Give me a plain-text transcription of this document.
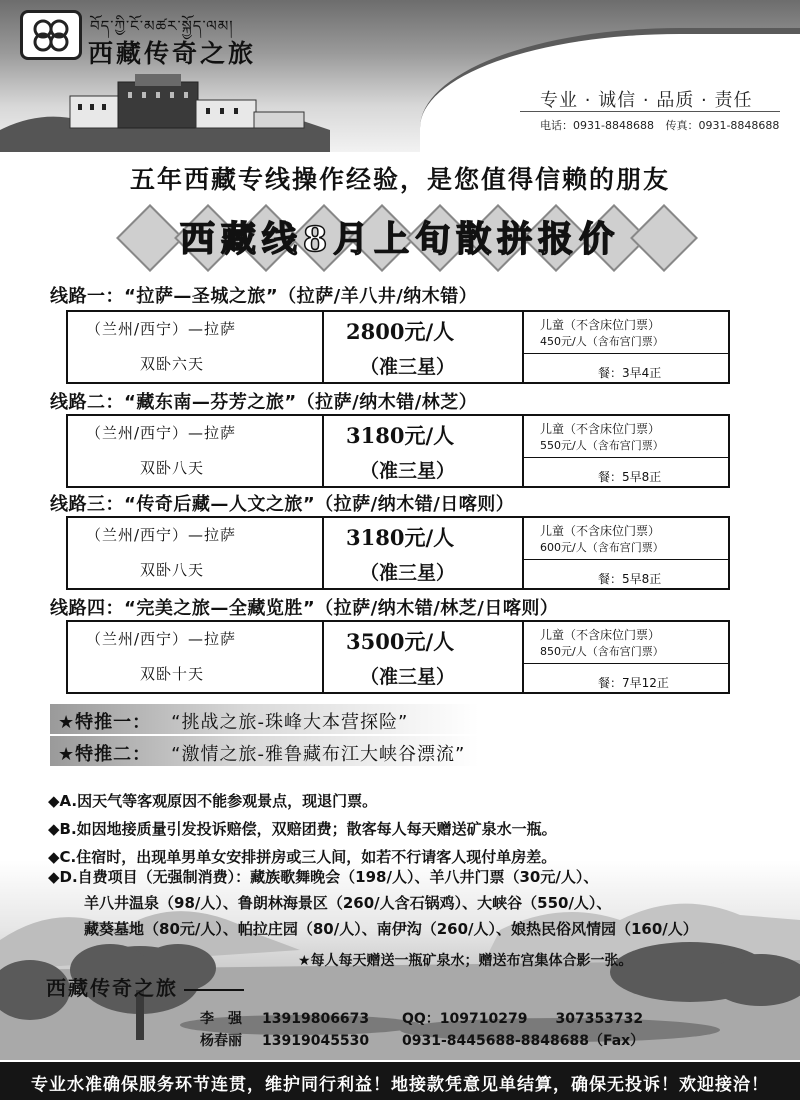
བོད་ཀྱི་ངོ་མཚར་སྐྱོད་ལམ།
西藏传奇之旅
专业 · 诚信 · 品质 · 责任
电话：0931-8848688 传真：0931-8848688
五年西藏专线操作经验，是您值得信赖的朋友
西藏线8月上旬散拼报价
线路一：“拉萨—圣城之旅”（拉萨/羊八井/纳木错）
（兰州/西宁）—拉萨
双卧六天
2800元/人
（准三星）
儿童（不含床位门票）
450元/人（含布宫门票）
餐：3早4正
线路二：“藏东南—芬芳之旅”（拉萨/纳木错/林芝）
（兰州/西宁）—拉萨
双卧八天
3180元/人
（准三星）
儿童（不含床位门票）
550元/人（含布宫门票）
餐：5早8正
线路三：“传奇后藏—人文之旅”（拉萨/纳木错/日喀则）
（兰州/西宁）—拉萨
双卧八天
3180元/人
（准三星）
儿童（不含床位门票）
600元/人（含布宫门票）
餐：5早8正
线路四：“完美之旅—全藏览胜”（拉萨/纳木错/林芝/日喀则）
（兰州/西宁）—拉萨
双卧十天
3500元/人
（准三星）
儿童（不含床位门票）
850元/人（含布宫门票）
餐：7早12正
★特推一： “挑战之旅-珠峰大本营探险”
★特推二： “激情之旅-雅鲁藏布江大峡谷漂流”
◆A.因天气等客观原因不能参观景点，现退门票。
◆B.如因地接质量引发投诉赔偿，双赔团费；散客每人每天赠送矿泉水一瓶。
◆C.住宿时，出现单男单女安排拼房或三人间，如若不行请客人现付单房差。
◆D.自费项目（无强制消费）：藏族歌舞晚会（198/人）、羊八井门票（30元/人）、
羊八井温泉（98/人）、鲁朗林海景区（260/人含石锅鸡）、大峡谷（550/人）、
藏葵墓地（80元/人）、帕拉庄园（80/人）、南伊沟（260/人）、娘热民俗风情园（160/人）
★每人每天赠送一瓶矿泉水；赠送布宫集体合影一张。
西藏传奇之旅
李　强 13919806673 QQ：109710279　　307353732
杨春丽 13919045530 0931-8445688-8848688（Fax）
专业水准确保服务环节连贯，维护同行利益！地接款凭意见单结算，确保无投诉！欢迎接洽！
